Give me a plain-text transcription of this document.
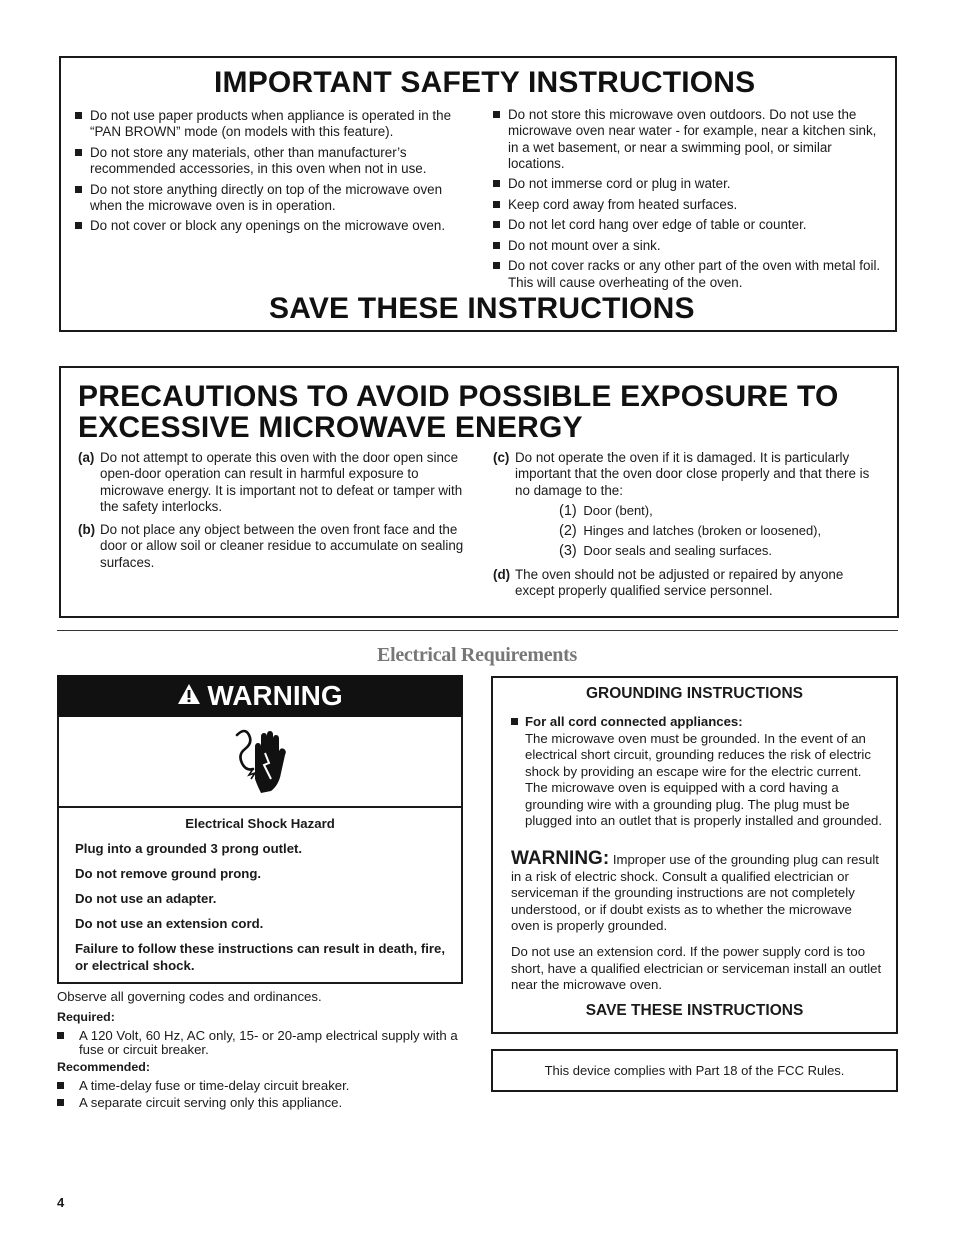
IMPORTANT SAFETY INSTRUCTIONS
Do not use paper products when appliance is operated in the “PAN BROWN” mode (on models with this feature).
Do not store any materials, other than manufacturer’s recommended accessories, in this oven when not in use.
Do not store anything directly on top of the microwave oven when the microwave oven is in operation.
Do not cover or block any openings on the microwave oven.
Do not store this microwave oven outdoors. Do not use the microwave oven near water - for example, near a kitchen sink, in a wet basement, or near a swimming pool, or similar locations.
Do not immerse cord or plug in water.
Keep cord away from heated surfaces.
Do not let cord hang over edge of table or counter.
Do not mount over a sink.
Do not cover racks or any other part of the oven with metal foil. This will cause overheating of the oven.
SAVE THESE INSTRUCTIONS
PRECAUTIONS TO AVOID POSSIBLE EXPOSURE TO
EXCESSIVE MICROWAVE ENERGY
(a) Do not attempt to operate this oven with the door open since open-door operation can result in harmful exposure to microwave energy. It is important not to defeat or tamper with the safety interlocks.
(b) Do not place any object between the oven front face and the door or allow soil or cleaner residue to accumulate on sealing surfaces.
(c) Do not operate the oven if it is damaged. It is particularly important that the oven door close properly and that there is no damage to the:
(1) Door (bent),
(2) Hinges and latches (broken or loosened),
(3) Door seals and sealing surfaces.
(d) The oven should not be adjusted or repaired by anyone except properly qualified service personnel.
Electrical Requirements
WARNING

Electrical Shock Hazard

Plug into a grounded 3 prong outlet.

Do not remove ground prong.

Do not use an adapter.

Do not use an extension cord.

Failure to follow these instructions can result in death, fire, or electrical shock.

Observe all governing codes and ordinances.

Required:

A 120 Volt, 60 Hz, AC only, 15- or 20-amp electrical supply with a fuse or circuit breaker.

Recommended:

A time-delay fuse or time-delay circuit breaker.
A separate circuit serving only this appliance.
GROUNDING INSTRUCTIONS
For all cord connected appliances:
The microwave oven must be grounded. In the event of an electrical short circuit, grounding reduces the risk of electric shock by providing an escape wire for the electric current. The microwave oven is equipped with a cord having a grounding wire with a grounding plug. The plug must be plugged into an outlet that is properly installed and grounded.
WARNING: Improper use of the grounding plug can result in a risk of electric shock. Consult a qualified electrician or serviceman if the grounding instructions are not completely understood, or if doubt exists as to whether the microwave oven is properly grounded.
Do not use an extension cord. If the power supply cord is too short, have a qualified electrician or serviceman install an outlet near the microwave oven.
SAVE THESE INSTRUCTIONS
This device complies with Part 18 of the FCC Rules.
4
